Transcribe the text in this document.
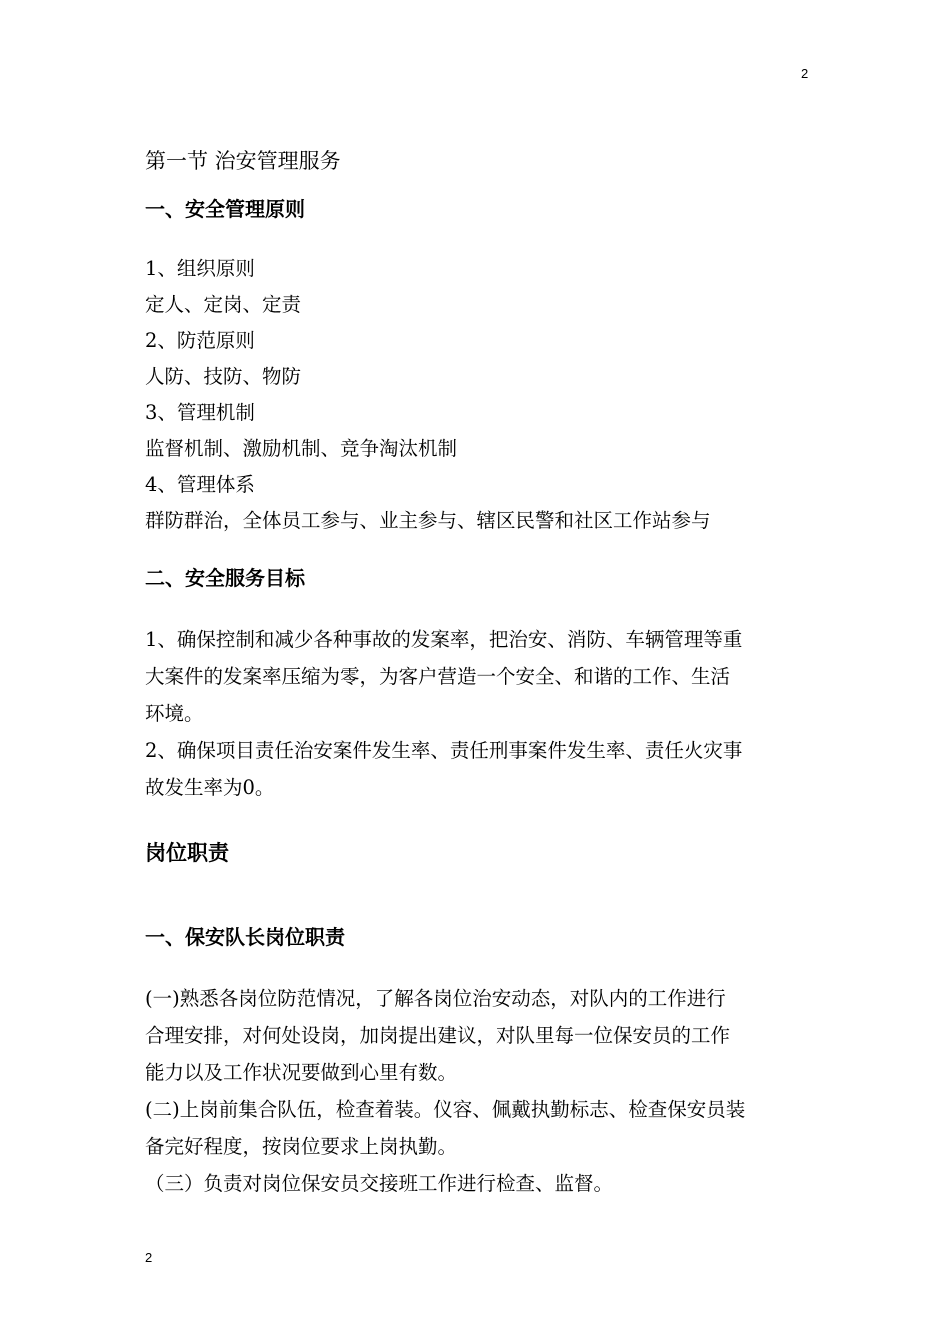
2
第一节 治安管理服务
一、安全管理原则
1、组织原则
定人、定岗、定责
2、防范原则
人防、技防、物防
3、管理机制
监督机制、激励机制、竞争淘汰机制
4、管理体系
群防群治，全体员工参与、业主参与、辖区民警和社区工作站参与
二、安全服务目标
1、确保控制和减少各种事故的发案率，把治安、消防、车辆管理等重
大案件的发案率压缩为零，为客户营造一个安全、和谐的工作、生活
环境。
2、确保项目责任治安案件发生率、责任刑事案件发生率、责任火灾事
故发生率为0。
岗位职责
一、保安队长岗位职责
(一)熟悉各岗位防范情况，了解各岗位治安动态，对队内的工作进行
合理安排，对何处设岗，加岗提出建议，对队里每一位保安员的工作
能力以及工作状况要做到心里有数。
(二)上岗前集合队伍，检查着装。仪容、佩戴执勤标志、检查保安员装
备完好程度，按岗位要求上岗执勤。
（三）负责对岗位保安员交接班工作进行检查、监督。
2
